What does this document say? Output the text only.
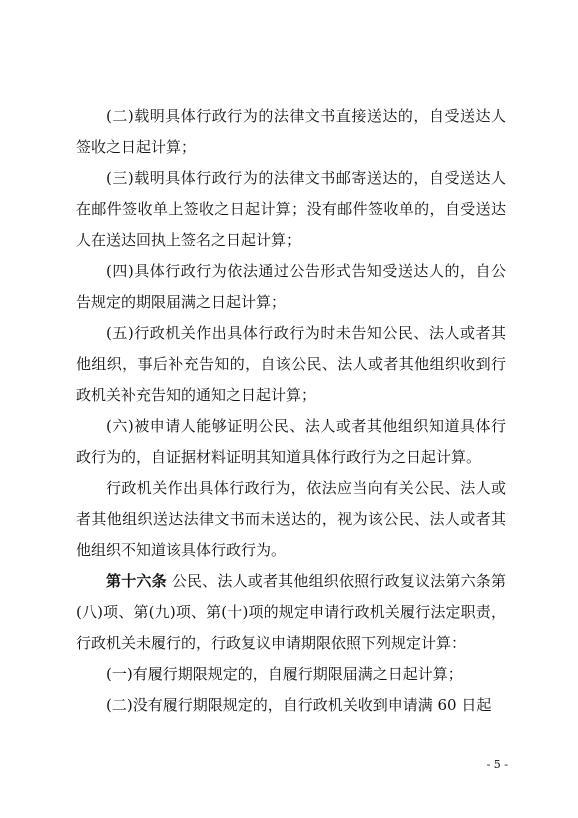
(二)载明具体行政行为的法律文书直接送达的，自受送达人签收之日起计算；

(三)载明具体行政行为的法律文书邮寄送达的，自受送达人在邮件签收单上签收之日起计算；没有邮件签收单的，自受送达人在送达回执上签名之日起计算；

(四)具体行政行为依法通过公告形式告知受送达人的，自公告规定的期限届满之日起计算；

(五)行政机关作出具体行政行为时未告知公民、法人或者其他组织，事后补充告知的，自该公民、法人或者其他组织收到行政机关补充告知的通知之日起计算；

(六)被申请人能够证明公民、法人或者其他组织知道具体行政行为的，自证据材料证明其知道具体行政行为之日起计算。

行政机关作出具体行政行为，依法应当向有关公民、法人或者其他组织送达法律文书而未送达的，视为该公民、法人或者其他组织不知道该具体行政行为。

第十六条 公民、法人或者其他组织依照行政复议法第六条第(八)项、第(九)项、第(十)项的规定申请行政机关履行法定职责，行政机关未履行的，行政复议申请期限依照下列规定计算：

(一)有履行期限规定的，自履行期限届满之日起计算；

(二)没有履行期限规定的，自行政机关收到申请满 60 日起

- 5 -
